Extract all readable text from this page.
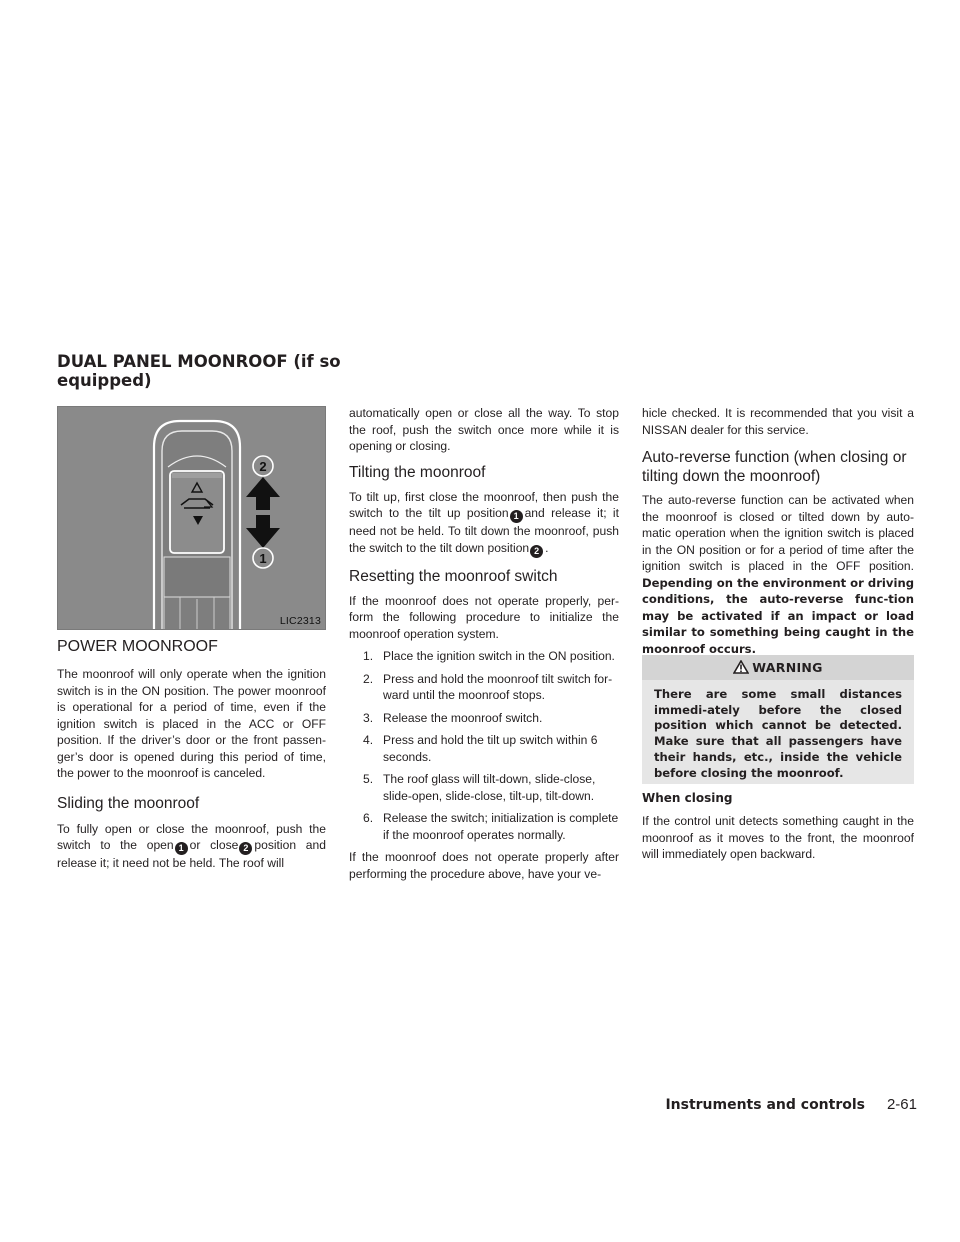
DUAL PANEL MOONROOF (if so
equipped)
2
1
LIC2313
POWER MOONROOF

The moonroof will only operate when the ignition switch is in the ON position. The power moonroof is operational for a period of time, even if the ignition switch is placed in the ACC or OFF position. If the driver’s door or the front passen-ger’s door is opened during this period of time, the power to the moonroof is canceled.

Sliding the moonroof

To fully open or close the moonroof, push the switch to the open 1 or close 2 position and release it; it need not be held. The roof will

automatically open or close all the way. To stop the roof, push the switch once more while it is opening or closing.

Tilting the moonroof

To tilt up, first close the moonroof, then push the switch to the tilt up position 1 and release it; it need not be held. To tilt down the moonroof, push the switch to the tilt down position 2 .

Resetting the moonroof switch

If the moonroof does not operate properly, per-form the following procedure to initialize the moonroof operation system.

1. Place the ignition switch in the ON position.
2. Press and hold the moonroof tilt switch for-ward until the moonroof stops.
3. Release the moonroof switch.
4. Press and hold the tilt up switch within 6 seconds.
5. The roof glass will tilt-down, slide-close, slide-open, slide-close, tilt-up, tilt-down.
6. Release the switch; initialization is complete if the moonroof operates normally.

If the moonroof does not operate properly after performing the procedure above, have your ve-

hicle checked. It is recommended that you visit a NISSAN dealer for this service.

Auto-reverse function (when closing or tilting down the moonroof)

The auto-reverse function can be activated when the moonroof is closed or tilted down by auto-matic operation when the ignition switch is placed in the ON position or for a period of time after the ignition switch is placed in the OFF position. Depending on the environment or driving conditions, the auto-reverse func-tion may be activated if an impact or load similar to something being caught in the moonroof occurs.

WARNING
There are some small distances immedi-ately before the closed position which cannot be detected. Make sure that all passengers have their hands, etc., inside the vehicle before closing the moonroof.
When closing

If the control unit detects something caught in the moonroof as it moves to the front, the moonroof will immediately open backward.

Instruments and controls 2-61
